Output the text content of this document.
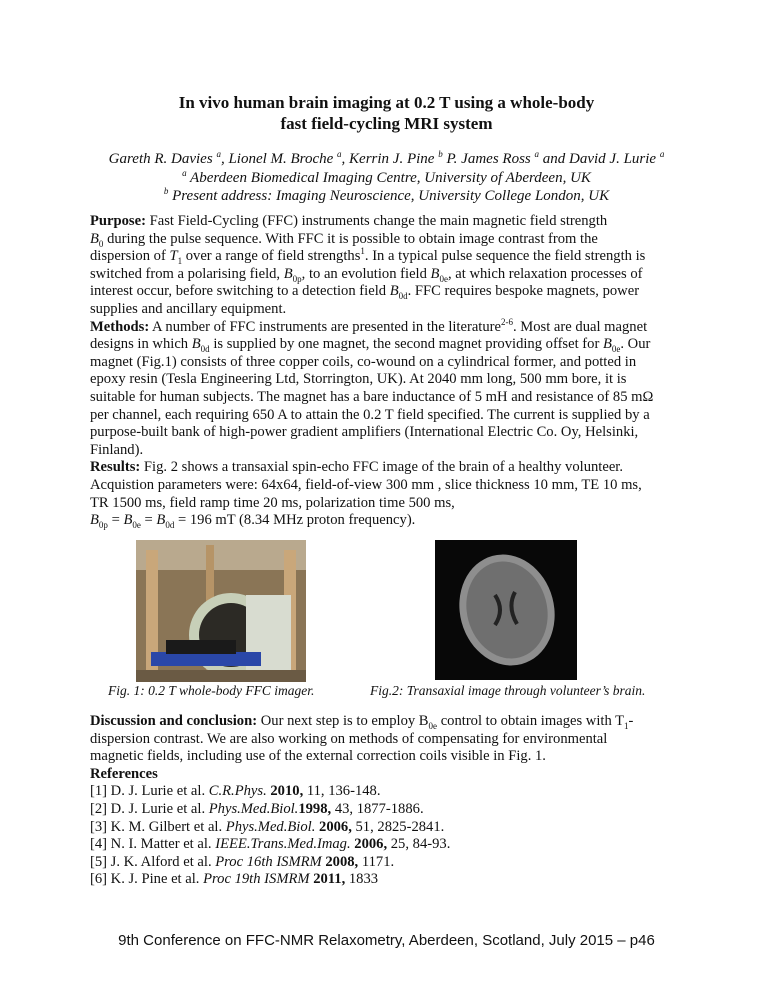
In vivo human brain imaging at 0.2 T using a whole-body
fast field-cycling MRI system
Gareth R. Davies $^a$, Lionel M. Broche $^a$, Kerrin J. Pine $^b$ P. James Ross $^a$ and David J. Lurie $^a$
$^a$ Aberdeen Biomedical Imaging Centre, University of Aberdeen, UK
$^b$ Present address: Imaging Neuroscience, University College London, UK
Purpose: Fast Field-Cycling (FFC) instruments change the main magnetic field strength
$B_0$ during the pulse sequence. With FFC it is possible to obtain image contrast from the
dispersion of $T_1$ over a range of field strengths$^1$. In a typical pulse sequence the field strength is
switched from a polarising field, $B_{0p}$, to an evolution field $B_{0e}$, at which relaxation processes of
interest occur, before switching to a detection field $B_{0d}$. FFC requires bespoke magnets, power
supplies and ancillary equipment.
Methods: A number of FFC instruments are presented in the literature$^{2-6}$. Most are dual magnet
designs in which $B_{0d}$ is supplied by one magnet, the second magnet providing offset for $B_{0e}$. Our
magnet (Fig.1) consists of three copper coils, co-wound on a cylindrical former, and potted in
epoxy resin (Tesla Engineering Ltd, Storrington, UK). At 2040 mm long, 500 mm bore, it is
suitable for human subjects. The magnet has a bare inductance of 5 mH and resistance of 85 mΩ
per channel, each requiring 650 A to attain the 0.2 T field specified. The current is supplied by a
purpose-built bank of high-power gradient amplifiers (International Electric Co. Oy, Helsinki,
Finland).
Results: Fig. 2 shows a transaxial spin-echo FFC image of the brain of a healthy volunteer.
Acquistion parameters were: 64x64, field-of-view 300 mm , slice thickness 10 mm, TE 10 ms,
TR 1500 ms, field ramp time 20 ms, polarization time 500 ms,
$B_{0p} = B_{0e} = B_{0d} = 196$ mT (8.34 MHz proton frequency).
Fig. 1: 0.2 T whole-body FFC imager.	Fig.2: Transaxial image through volunteer’s brain.
Discussion and conclusion: Our next step is to employ $B_{0e}$ control to obtain images with $T_1-$
dispersion contrast. We are also working on methods of compensating for environmental
magnetic fields, including use of the external correction coils visible in Fig. 1.
References
[1] D. J. Lurie et al. C.R.Phys. 2010, 11, 136-148.
[2] D. J. Lurie et al. Phys.Med.Biol.1998, 43, 1877-1886.
[3] K. M. Gilbert et al. Phys.Med.Biol. 2006, 51, 2825-2841.
[4] N. I. Matter et al. IEEE.Trans.Med.Imag. 2006, 25, 84-93.
[5] J. K. Alford et al. Proc 16th ISMRM 2008, 1171.
[6] K. J. Pine et al. Proc 19th ISMRM 2011, 1833
9th Conference on FFC-NMR Relaxometry, Aberdeen, Scotland, July 2015 – p46
